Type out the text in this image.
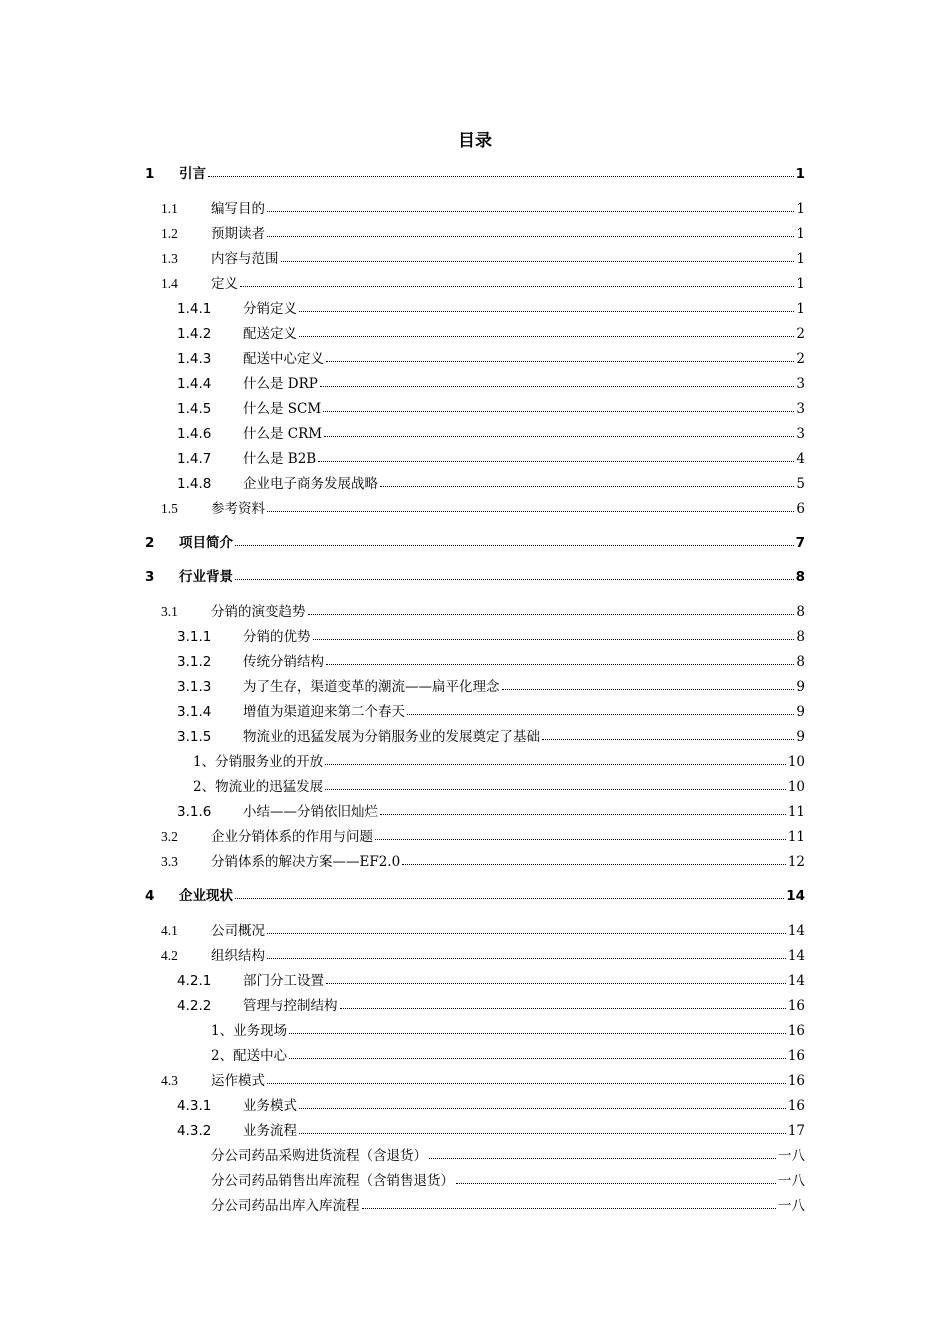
目录
1	引言	1
1.1	编写目的	1
1.2	预期读者	1
1.3	内容与范围	1
1.4	定义	1
1.4.1	分销定义	1
1.4.2	配送定义	2
1.4.3	配送中心定义	2
1.4.4	什么是 DRP	3
1.4.5	什么是 SCM	3
1.4.6	什么是 CRM	3
1.4.7	什么是 B2B	4
1.4.8	企业电子商务发展战略	5
1.5	参考资料	6
2	项目简介	7
3	行业背景	8
3.1	分销的演变趋势	8
3.1.1	分销的优势	8
3.1.2	传统分销结构	8
3.1.3	为了生存，渠道变革的潮流——扁平化理念	9
3.1.4	增值为渠道迎来第二个春天	9
3.1.5	物流业的迅猛发展为分销服务业的发展奠定了基础	9
1、分销服务业的开放	10
2、物流业的迅猛发展	10
3.1.6	小结——分销依旧灿烂	11
3.2	企业分销体系的作用与问题	11
3.3	分销体系的解决方案——EF2.0	12
4	企业现状	14
4.1	公司概况	14
4.2	组织结构	14
4.2.1	部门分工设置	14
4.2.2	管理与控制结构	16
1、业务现场	16
2、配送中心	16
4.3	运作模式	16
4.3.1	业务模式	16
4.3.2	业务流程	17
分公司药品采购进货流程（含退货）	一八
分公司药品销售出库流程（含销售退货）	一八
分公司药品出库入库流程	一八
